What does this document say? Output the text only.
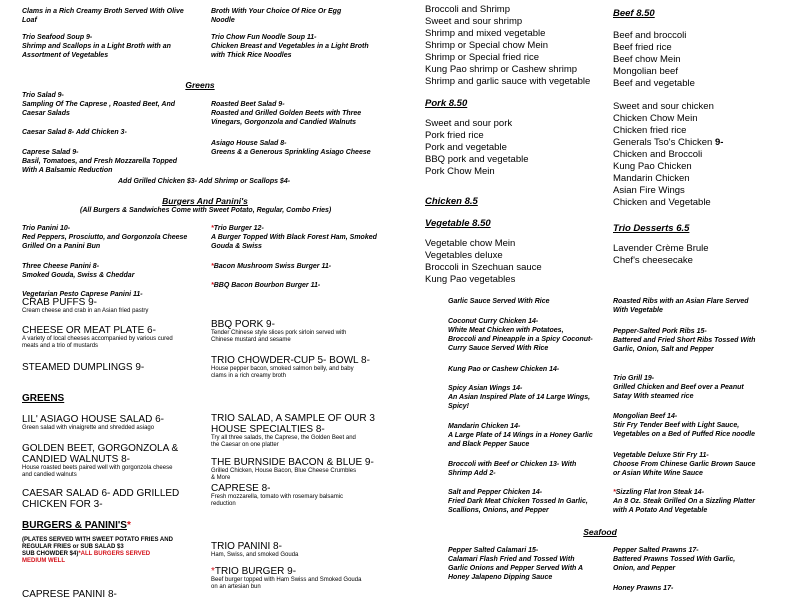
Clams in a Rich Creamy Broth Served With Olive
Loaf
Trio Seafood Soup 9-
Shrimp and Scallops in a Light Broth with an
Assortment of Vegetables
Broth With Your Choice Of Rice Or Egg
Noodle
Trio Chow Fun Noodle Soup 11-
Chicken Breast and Vegetables in a Light Broth
with Thick Rice Noodles
Greens
Trio Salad 9-
Sampling Of The Caprese , Roasted Beet, And
Caesar Salads
Caesar Salad 8- Add Chicken 3-
Caprese Salad 9-
Basil, Tomatoes, and Fresh Mozzarella Topped
With A Balsamic Reduction
Roasted Beet Salad 9-
Roasted and Grilled Golden Beets with Three
Vinegars, Gorgonzola and Candied Walnuts
Asiago House Salad 8-
Greens & a Generous Sprinkling Asiago Cheese
Add Grilled Chicken $3- Add Shrimp or Scallops $4-
Burgers And Panini's
(All Burgers & Sandwiches Come with Sweet Potato, Regular, Combo Fries)
Trio Panini 10-
Red Peppers, Prosciutto, and Gorgonzola Cheese
Grilled On a Panini Bun
Three Cheese Panini 8-
Smoked Gouda, Swiss & Cheddar
Vegetarian Pesto Caprese Panini 11-
*Trio Burger 12-
A Burger Topped With Black Forest Ham, Smoked
Gouda & Swiss
*Bacon Mushroom Swiss Burger 11-
*BBQ Bacon Bourbon Burger 11-
CRAB PUFFS 9-
Cream cheese and crab in an Asian fried pastry
CHEESE OR MEAT PLATE 6-
A variety of local cheeses accompanied by various cured
meats and a trio of mustards
STEAMED DUMPLINGS 9-
GREENS
LIL' ASIAGO HOUSE SALAD 6-
Green salad with vinaigrette and shredded asiago
GOLDEN BEET, GORGONZOLA &
CANDIED WALNUTS 8-
House roasted beets paired well with gorgonzola cheese
and candied walnuts
CAESAR SALAD 6- ADD GRILLED
CHICKEN FOR 3-
BURGERS & PANINI'S*
(PLATES SERVED WITH SWEET POTATO FRIES AND
REGULAR FRIES or SUB SALAD $3
SUB CHOWDER $4)*ALL BURGERS SERVED
MEDIUM WELL
CAPRESE PANINI 8-
BBQ PORK 9-
Tender Chinese style slices pork sirloin served with
Chinese mustard and sesame
TRIO CHOWDER-CUP 5- BOWL 8-
House pepper bacon, smoked salmon belly, and baby
clams in a rich creamy broth
TRIO SALAD, A SAMPLE OF OUR 3
HOUSE SPECIALTIES 8-
Try all three salads, the Caprese, the Golden Beet and
the Caesar on one platter
THE BURNSIDE BACON & BLUE 9-
Grilled Chicken, House Bacon, Blue Cheese Crumbles
& More
CAPRESE 8-
Fresh mozzarella, tomato with rosemary balsamic
reduction
TRIO PANINI 8-
Ham, Swiss, and smoked Gouda
*TRIO BURGER 9-
Beef burger topped with Ham Swiss and Smoked Gouda
on an artesian bun
Broccoli and Shrimp
Sweet and sour shrimp
Shrimp and mixed vegetable
Shrimp or Special chow Mein
Shrimp or Special fried rice
Kung Pao shrimp or Cashew shrimp
Shrimp and garlic sauce with vegetable
Pork 8.50
Sweet and sour pork
Pork fried rice
Pork and vegetable
BBQ pork and vegetable
Pork Chow Mein
Chicken 8.5
Vegetable 8.50
Vegetable chow Mein
Vegetables deluxe
Broccoli in Szechuan sauce
Kung Pao vegetables
Beef 8.50
Beef and broccoli
Beef fried rice
Beef chow Mein
Mongolian beef
Beef and vegetable
Sweet and sour chicken
Chicken Chow Mein
Chicken fried rice
Generals Tso's Chicken 9-
Chicken and Broccoli
Kung Pao Chicken
Mandarin Chicken
Asian Fire Wings
Chicken and Vegetable
Trio Desserts 6.5
Lavender Crème Brule
Chef's cheesecake
Garlic Sauce Served With Rice
Coconut Curry Chicken 14-
White Meat Chicken with Potatoes,
Broccoli and Pineapple in a Spicy Coconut-
Curry Sauce Served With Rice
Kung Pao or Cashew Chicken 14-
Spicy Asian Wings 14-
An Asian Inspired Plate of 14 Large Wings,
Spicy!
Mandarin Chicken 14-
A Large Plate of 14 Wings in a Honey Garlic
and Black Pepper Sauce
Broccoli with Beef or Chicken 13- With
Shrimp Add 2-
Salt and Pepper Chicken 14-
Fried Dark Meat Chicken Tossed In Garlic,
Scallions, Onions, and Pepper
Seafood
Pepper Salted Calamari 15-
Calamari Flash Fried and Tossed With
Garlic Onions and Pepper Served With A
Honey Jalapeno Dipping Sauce
Roasted Ribs with an Asian Flare Served
With Vegetable
Pepper-Salted Pork Ribs 15-
Battered and Fried Short Ribs Tossed With
Garlic, Onion, Salt and Pepper
Trio Grill 19-
Grilled Chicken and Beef over a Peanut
Satay With steamed rice
Mongolian Beef 14-
Stir Fry Tender Beef with Light Sauce,
Vegetables on a Bed of Puffed Rice noodle
Vegetable Deluxe Stir Fry 11-
Choose From Chinese Garlic Brown Sauce
or Asian White Wine Sauce
*Sizzling Flat Iron Steak 14-
An 8 Oz. Steak Grilled On a Sizzling Platter
with A Potato And Vegetable
Pepper Salted Prawns 17-
Battered Prawns Tossed With Garlic,
Onion, and Pepper
Honey Prawns 17-
